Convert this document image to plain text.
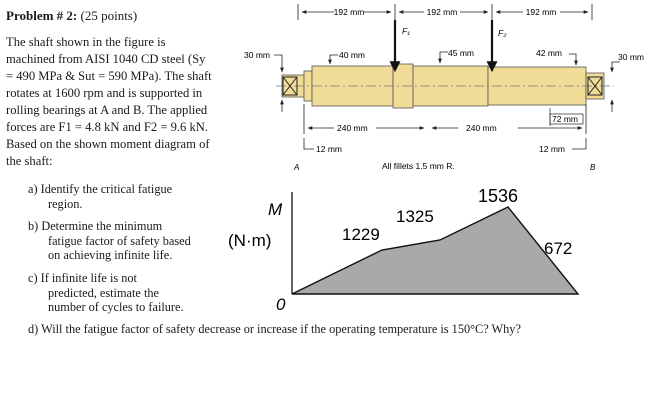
Problem # 2: (25 points)
The shaft shown in the figure is
machined from AISI 1040 CD steel (Sy
= 490 MPa & Sut = 590 MPa). The shaft
rotates at 1600 rpm and is supported in
rolling bearings at A and B. The applied
forces are F1 = 4.8 kN and F2 = 9.6 kN.
Based on the shown moment diagram of
the shaft:
a) Identify the critical fatigue
region.
b) Determine the minimum
fatigue factor of safety based
on achieving infinite life.
c) If infinite life is not
predicted, estimate the
number of cycles to failure.
d) Will the fatigue factor of safety decrease or increase if the operating temperature is 150°C? Why?
192 mm	192 mm	192 mm
F₁	F₂
30 mm	30 mm
40 mm	45 mm	42 mm
72 mm
240 mm	240 mm
12 mm	12 mm
A	B
All fillets 1.5 mm R.
M
(N·m)
0
1229
1325
1536
672
